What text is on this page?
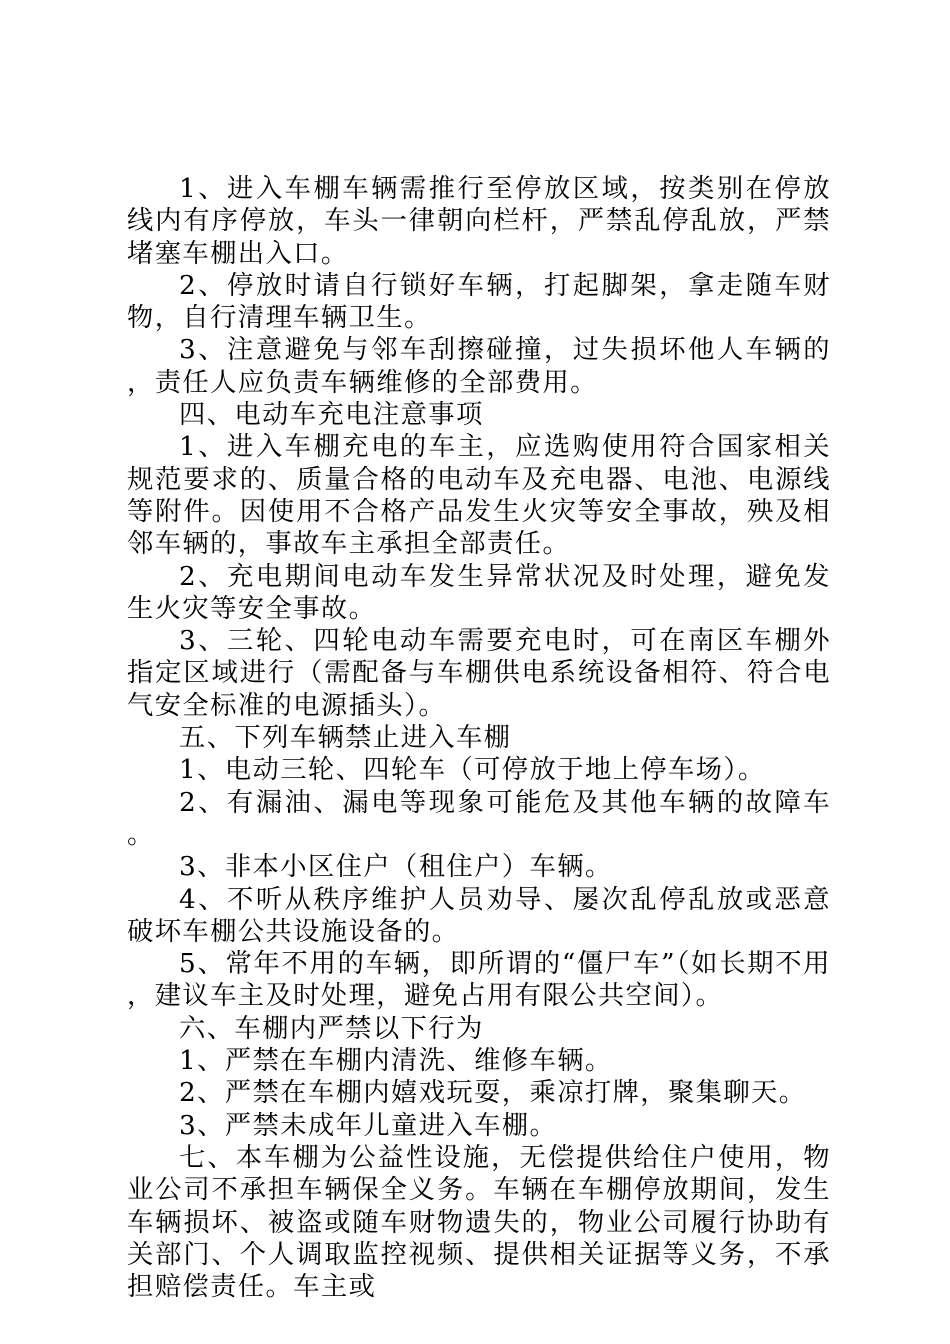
1、进入车棚车辆需推行至停放区域，按类别在停放线内有序停放，车头一律朝向栏杆，严禁乱停乱放，严禁堵塞车棚出入口。

2、停放时请自行锁好车辆，打起脚架，拿走随车财物，自行清理车辆卫生。

3、注意避免与邻车刮擦碰撞，过失损坏他人车辆的，责任人应负责车辆维修的全部费用。

四、电动车充电注意事项

1、进入车棚充电的车主，应选购使用符合国家相关规范要求的、质量合格的电动车及充电器、电池、电源线等附件。因使用不合格产品发生火灾等安全事故，殃及相邻车辆的，事故车主承担全部责任。

2、充电期间电动车发生异常状况及时处理，避免发生火灾等安全事故。

3、三轮、四轮电动车需要充电时，可在南区车棚外指定区域进行（需配备与车棚供电系统设备相符、符合电气安全标准的电源插头）。

五、下列车辆禁止进入车棚

1、电动三轮、四轮车（可停放于地上停车场）。

2、有漏油、漏电等现象可能危及其他车辆的故障车。

3、非本小区住户（租住户）车辆。

4、不听从秩序维护人员劝导、屡次乱停乱放或恶意破坏车棚公共设施设备的。

5、常年不用的车辆，即所谓的“僵尸车”（如长期不用，建议车主及时处理，避免占用有限公共空间）。

六、车棚内严禁以下行为

1、严禁在车棚内清洗、维修车辆。

2、严禁在车棚内嬉戏玩耍，乘凉打牌，聚集聊天。

3、严禁未成年儿童进入车棚。

七、本车棚为公益性设施，无偿提供给住户使用，物业公司不承担车辆保全义务。车辆在车棚停放期间，发生车辆损坏、被盗或随车财物遗失的，物业公司履行协助有关部门、个人调取监控视频、提供相关证据等义务，不承担赔偿责任。车主或
